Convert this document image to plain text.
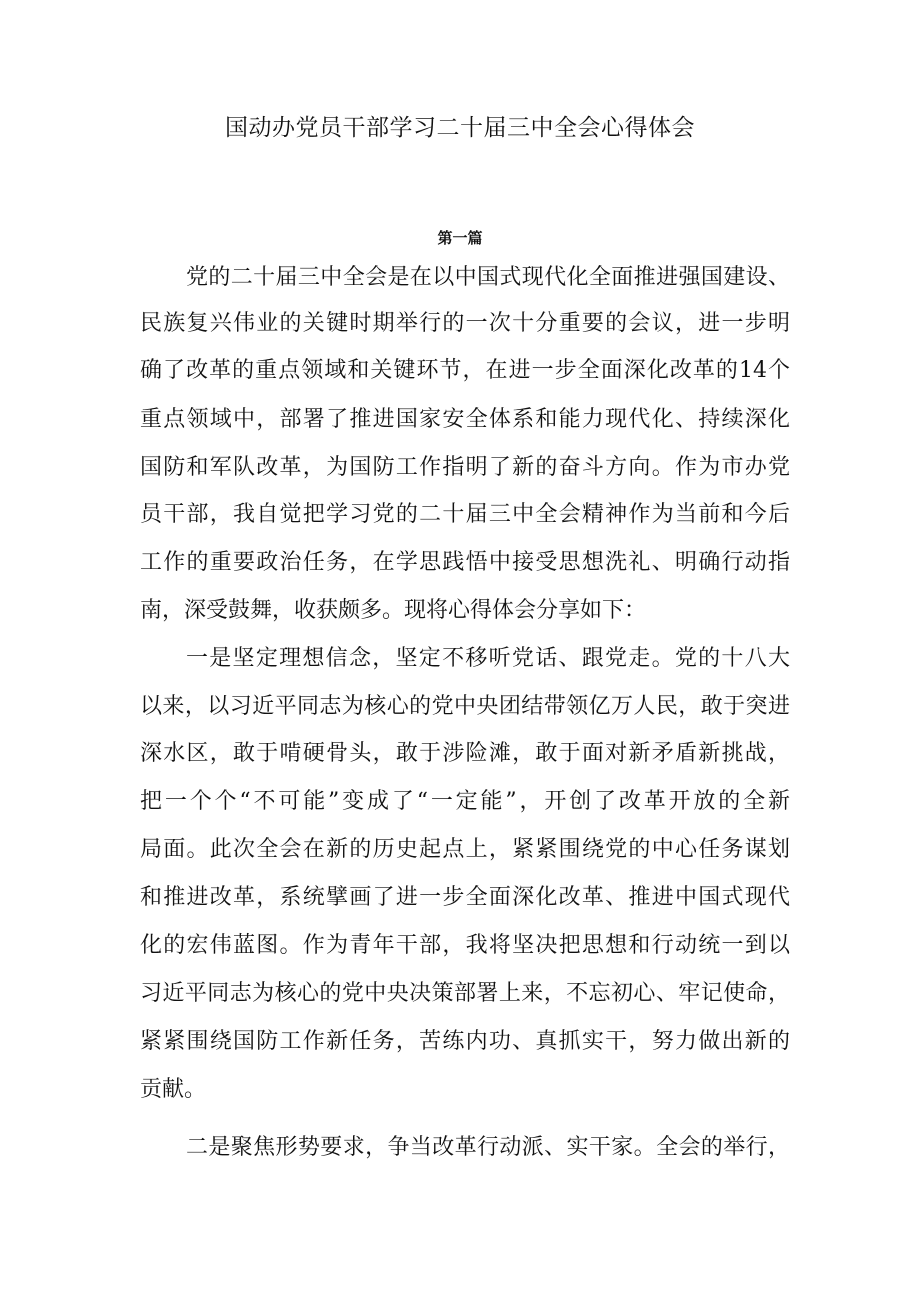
国动办党员干部学习二十届三中全会心得体会
第一篇
党的二十届三中全会是在以中国式现代化全面推进强国建设、
民族复兴伟业的关键时期举行的一次十分重要的会议，进一步明
确了改革的重点领域和关键环节，在进一步全面深化改革的14个
重点领域中，部署了推进国家安全体系和能力现代化、持续深化
国防和军队改革，为国防工作指明了新的奋斗方向。作为市办党
员干部，我自觉把学习党的二十届三中全会精神作为当前和今后
工作的重要政治任务，在学思践悟中接受思想洗礼、明确行动指
南，深受鼓舞，收获颇多。现将心得体会分享如下：
一是坚定理想信念，坚定不移听党话、跟党走。党的十八大
以来，以习近平同志为核心的党中央团结带领亿万人民，敢于突进
深水区，敢于啃硬骨头，敢于涉险滩，敢于面对新矛盾新挑战，
把一个个“不可能”变成了“一定能”，开创了改革开放的全新
局面。此次全会在新的历史起点上，紧紧围绕党的中心任务谋划
和推进改革，系统擘画了进一步全面深化改革、推进中国式现代
化的宏伟蓝图。作为青年干部，我将坚决把思想和行动统一到以
习近平同志为核心的党中央决策部署上来，不忘初心、牢记使命，
紧紧围绕国防工作新任务，苦练内功、真抓实干，努力做出新的
贡献。
二是聚焦形势要求，争当改革行动派、实干家。全会的举行，
